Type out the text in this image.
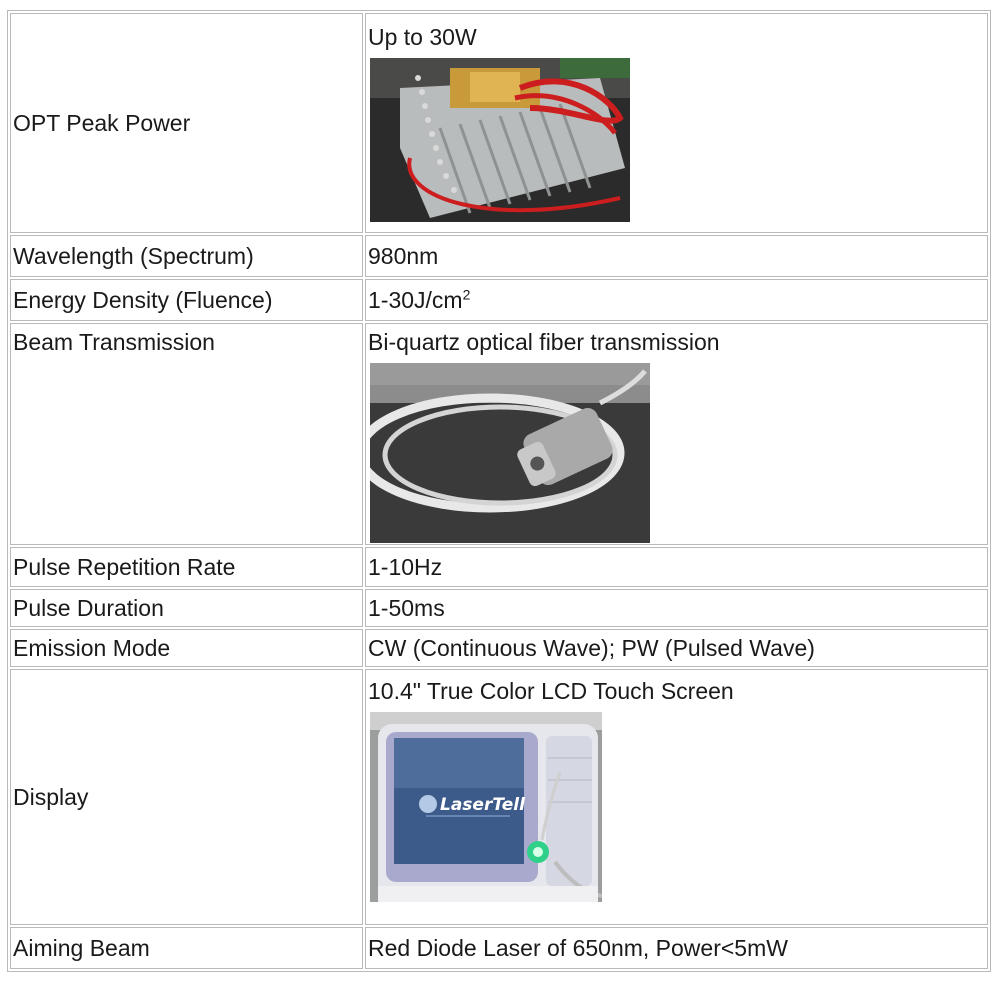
OPT Peak Power	Up to 30W

Wavelength (Spectrum)	980nm

Energy Density (Fluence)	$1-30J/cm^2$

Beam Transmission	Bi-quartz optical fiber transmission

Pulse Repetition Rate	1-10Hz

Pulse Duration	1-50ms

Emission Mode	CW (Continuous Wave); PW (Pulsed Wave)

Display	10.4" True Color LCD Touch Screen
LaserTell

Aiming Beam	Red Diode Laser of 650nm, Power<5mW
